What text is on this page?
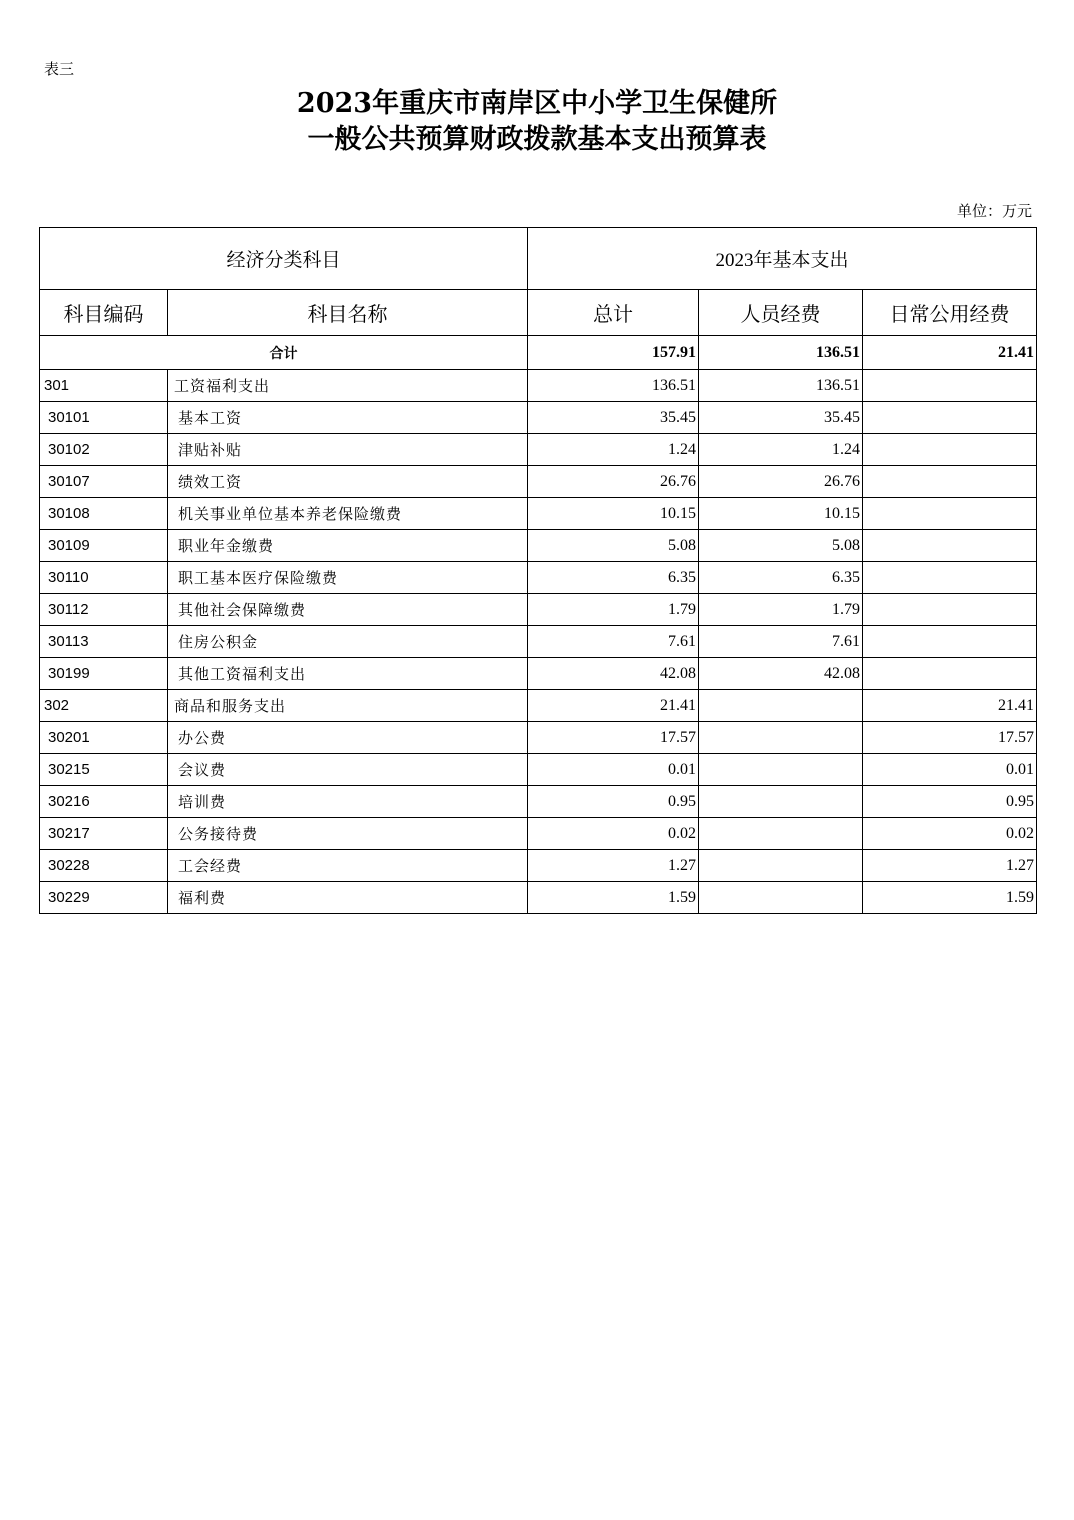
表三
2023年重庆市南岸区中小学卫生保健所
一般公共预算财政拨款基本支出预算表
单位：万元
经济分类科目		2023年基本支出		
科目编码	科目名称	总计	人员经费	日常公用经费
合计		157.91	136.51	21.41
301	工资福利支出	136.51	136.51	
30101	基本工资	35.45	35.45	
30102	津贴补贴	1.24	1.24	
30107	绩效工资	26.76	26.76	
30108	机关事业单位基本养老保险缴费	10.15	10.15	
30109	职业年金缴费	5.08	5.08	
30110	职工基本医疗保险缴费	6.35	6.35	
30112	其他社会保障缴费	1.79	1.79	
30113	住房公积金	7.61	7.61	
30199	其他工资福利支出	42.08	42.08	
302	商品和服务支出	21.41		21.41
30201	办公费	17.57		17.57
30215	会议费	0.01		0.01
30216	培训费	0.95		0.95
30217	公务接待费	0.02		0.02
30228	工会经费	1.27		1.27
30229	福利费	1.59		1.59
